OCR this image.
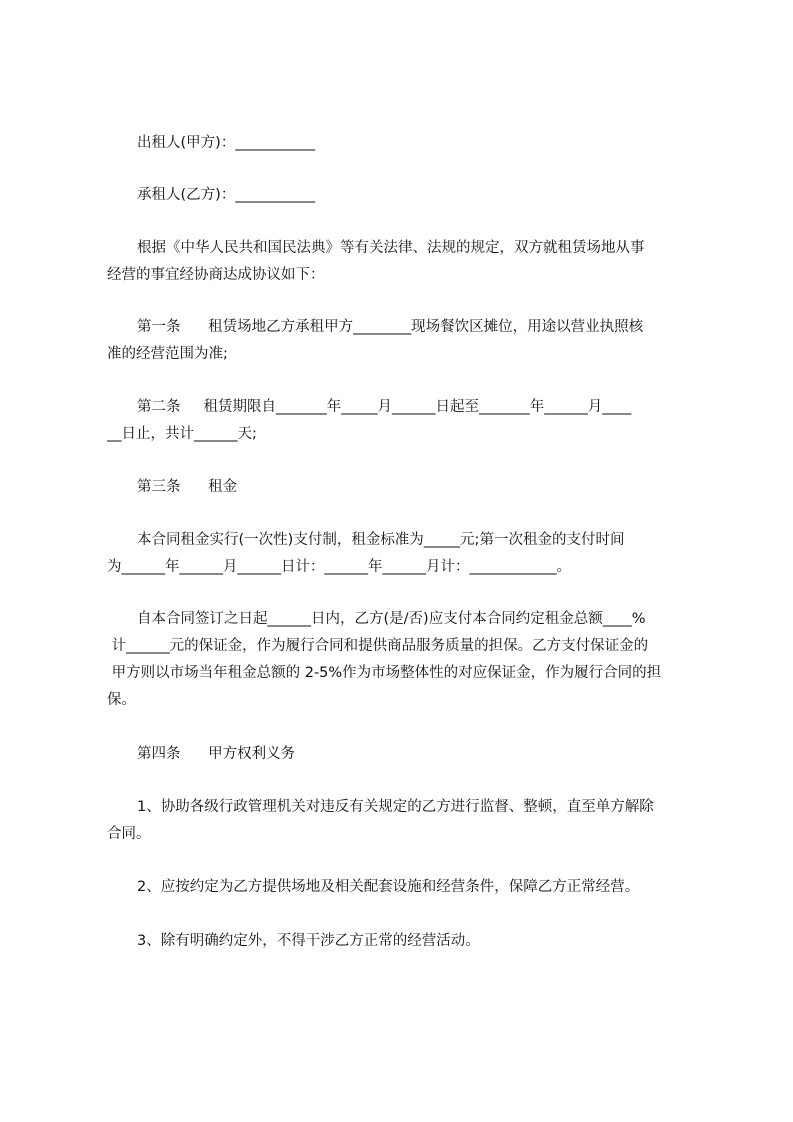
出租人(甲方)：___________
承租人(乙方)：___________
根据《中华人民共和国民法典》等有关法律、法规的规定，双方就租赁场地从事
经营的事宜经协商达成协议如下：
第一条      租赁场地乙方承租甲方________现场餐饮区摊位，用途以营业执照核
准的经营范围为准;
第二条     租赁期限自_______年_____月______日起至_______年______月____
__日止，共计______天;
第三条      租金
本合同租金实行(一次性)支付制，租金标准为_____元;第一次租金的支付时间
为______年______月______日计：______年______月计：____________。
自本合同签订之日起______日内，乙方(是/否)应支付本合同约定租金总额____%
计______元的保证金，作为履行合同和提供商品服务质量的担保。乙方支付保证金的
甲方则以市场当年租金总额的 2-5%作为市场整体性的对应保证金，作为履行合同的担
保。
第四条      甲方权利义务
1、协助各级行政管理机关对违反有关规定的乙方进行监督、整顿，直至单方解除
合同。
2、应按约定为乙方提供场地及相关配套设施和经营条件，保障乙方正常经营。
3、除有明确约定外，不得干涉乙方正常的经营活动。
